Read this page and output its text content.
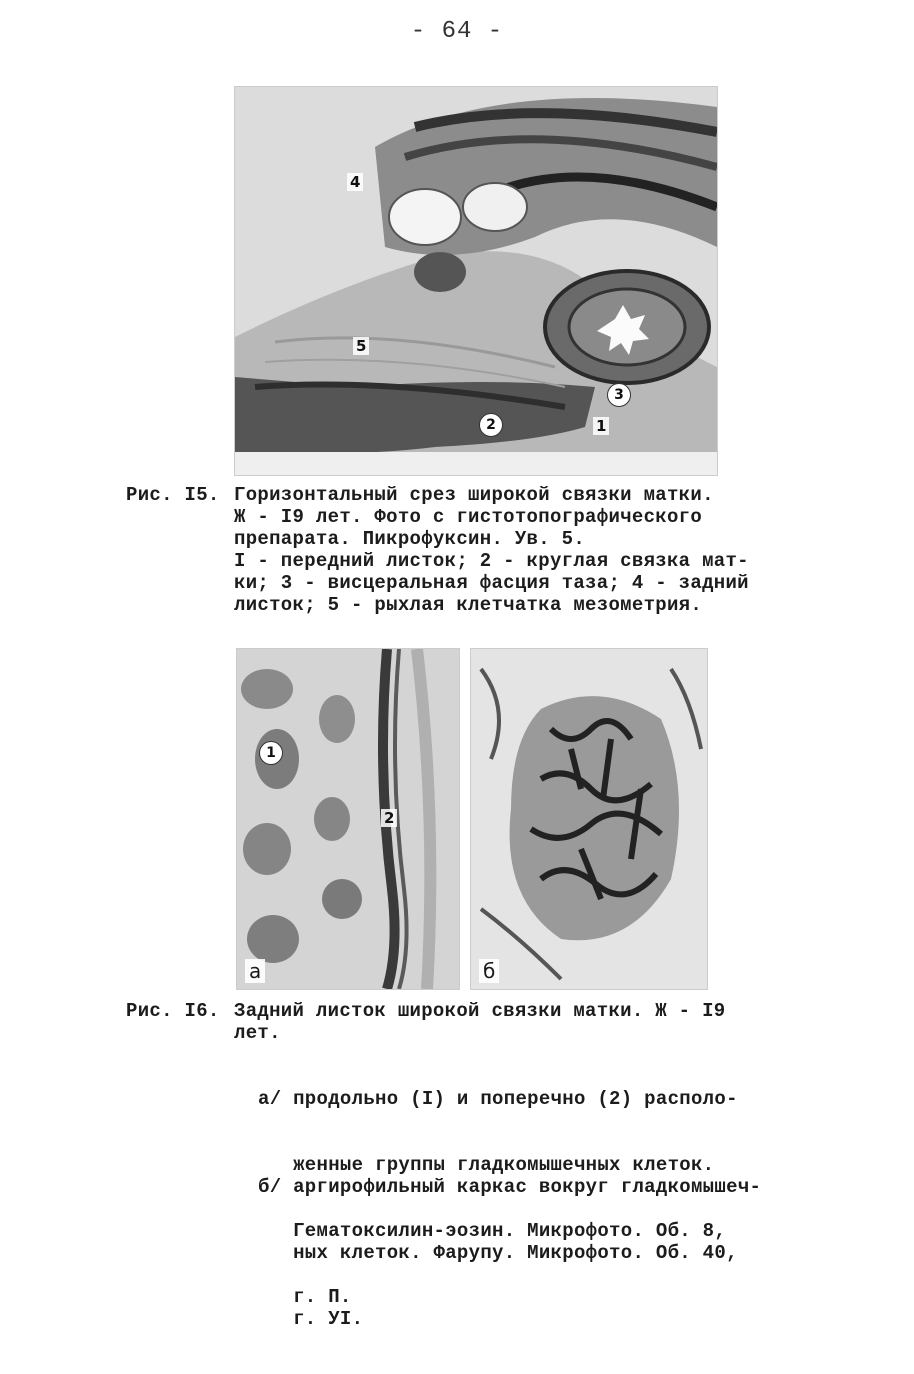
- 64 -
4
5
3
2	1
Рис. I5. Горизонтальный срез широкой связки матки.
Ж - I9 лет. Фото с гистотопографического
препарата. Пикрофуксин. Ув. 5.
I - передний листок; 2 - круглая связка мат-
ки; 3 - висцеральная фасция таза; 4 - задний
листок; 5 - рыхлая клетчатка мезометрия.
1
2
а	б
Рис. I6. Задний листок широкой связки матки. Ж - I9
лет.

а/ продольно (I) и поперечно (2) располо-

женные группы гладкомышечных клеток.

Гематоксилин-эозин. Микрофото. Об. 8,

г. П.

б/ аргирофильный каркас вокруг гладкомышеч-

ных клеток. Фарупу. Микрофото. Об. 40,

г. УI.
